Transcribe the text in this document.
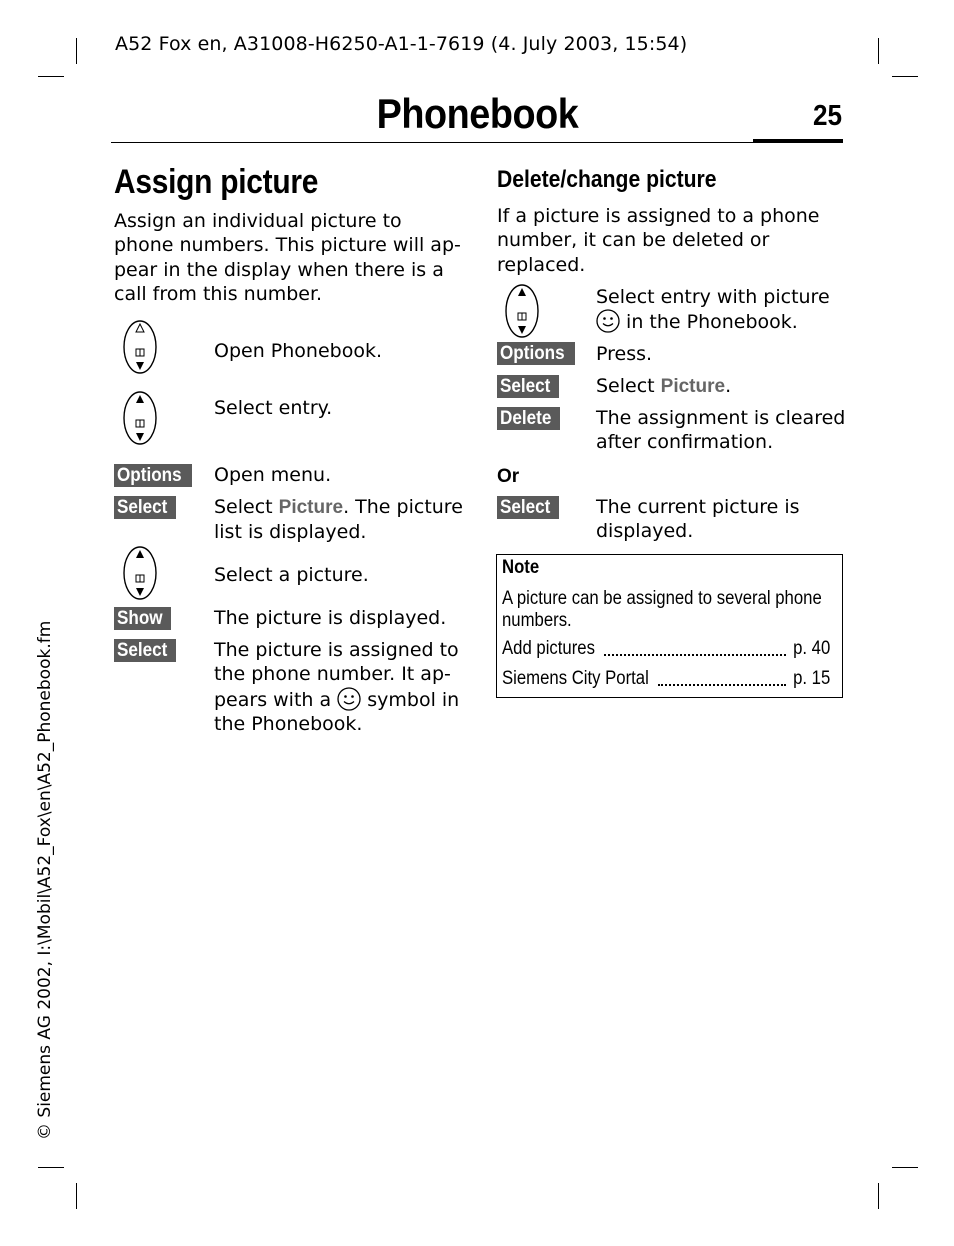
A52 Fox en, A31008-H6250-A1-1-7619 (4. July 2003, 15:54)
Phonebook	25
© Siemens AG 2002, I:\Mobil\A52_Fox\en\A52_Phonebook.fm
Assign picture
Assign an individual picture to
phone numbers. This picture will ap-
pear in the display when there is a
call from this number.
Open Phonebook.
Select entry.
Options	Open menu.
Select	Select Picture. The picture
list is displayed.
Select a picture.
Show	The picture is displayed.
Select	The picture is assigned to
the phone number. It ap-
pears with a symbol in
the Phonebook.
Delete/change picture
If a picture is assigned to a phone
number, it can be deleted or
replaced.
Select entry with picture
in the Phonebook.
Options	Press.
Select	Select Picture.
Delete	The assignment is cleared
after confirmation.
Or
Select	The current picture is
displayed.
Note
A picture can be assigned to several phone
numbers.
Add pictures	p. 40
Siemens City Portal	p. 15
